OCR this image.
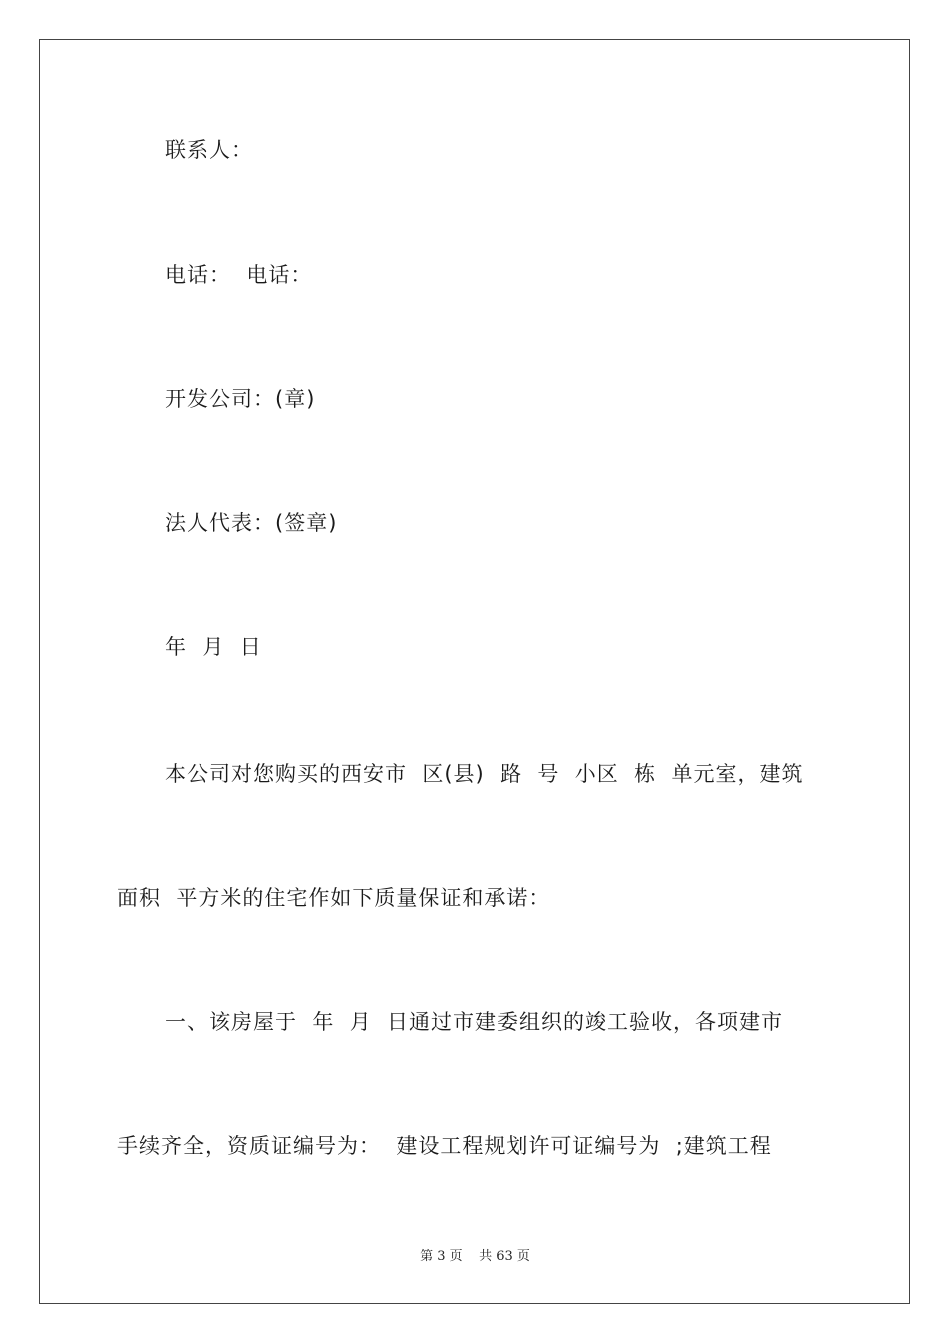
联系人：
电话：  电话：
开发公司：(章)
法人代表：(签章)
年  月  日
本公司对您购买的西安市  区(县)  路  号  小区  栋  单元室，建筑
面积  平方米的住宅作如下质量保证和承诺：
一、该房屋于  年  月  日通过市建委组织的竣工验收，各项建市
手续齐全，资质证编号为：  建设工程规划许可证编号为  ;建筑工程
第 3 页    共 63 页
